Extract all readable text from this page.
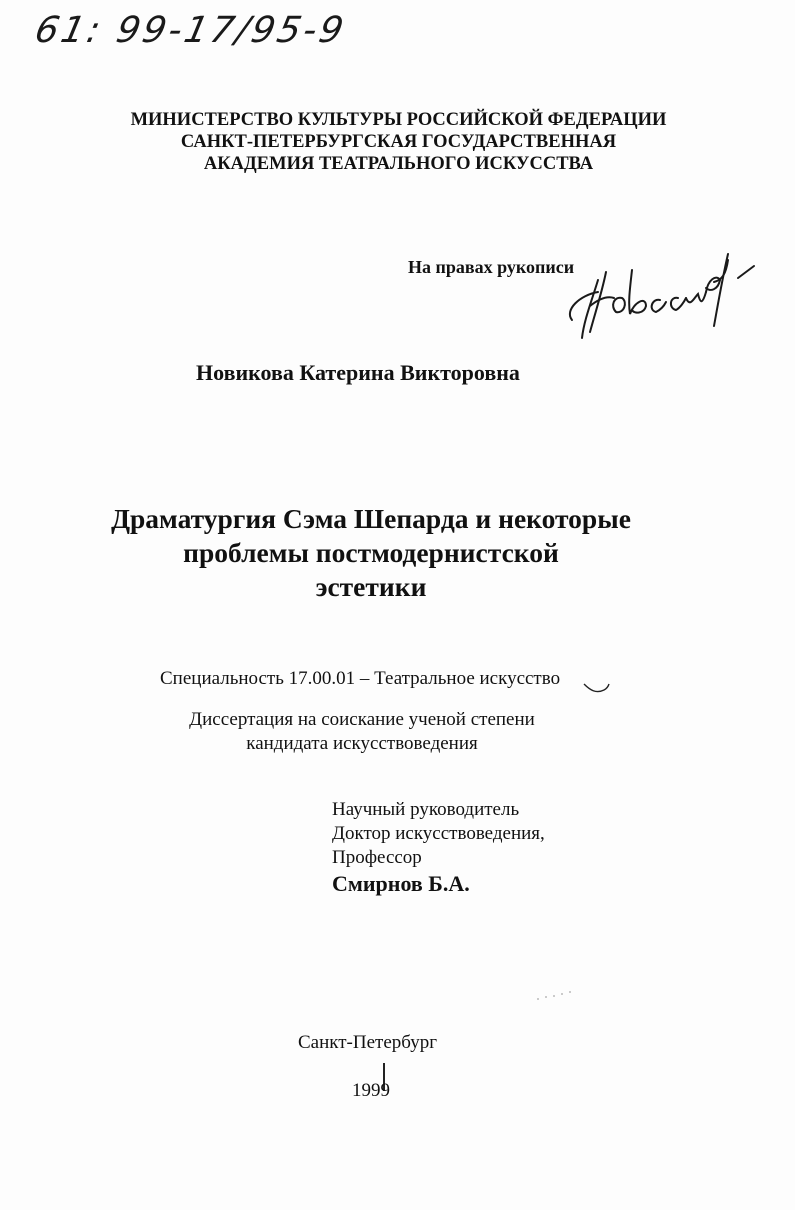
61: 99-17/95-9
МИНИСТЕРСТВО КУЛЬТУРЫ РОССИЙСКОЙ ФЕДЕРАЦИИ
САНКТ-ПЕТЕРБУРГСКАЯ ГОСУДАРСТВЕННАЯ
АКАДЕМИЯ ТЕАТРАЛЬНОГО ИСКУССТВА
На правах рукописи
Новикова Катерина Викторовна
Драматургия Сэма Шепарда и некоторые
проблемы постмодернистской
эстетики
Специальность 17.00.01 – Театральное искусство
Диссертация на соискание ученой степени
кандидата искусствоведения
Научный руководитель
Доктор искусствоведения,
Профессор
Смирнов Б.А.
Санкт-Петербург
1999
